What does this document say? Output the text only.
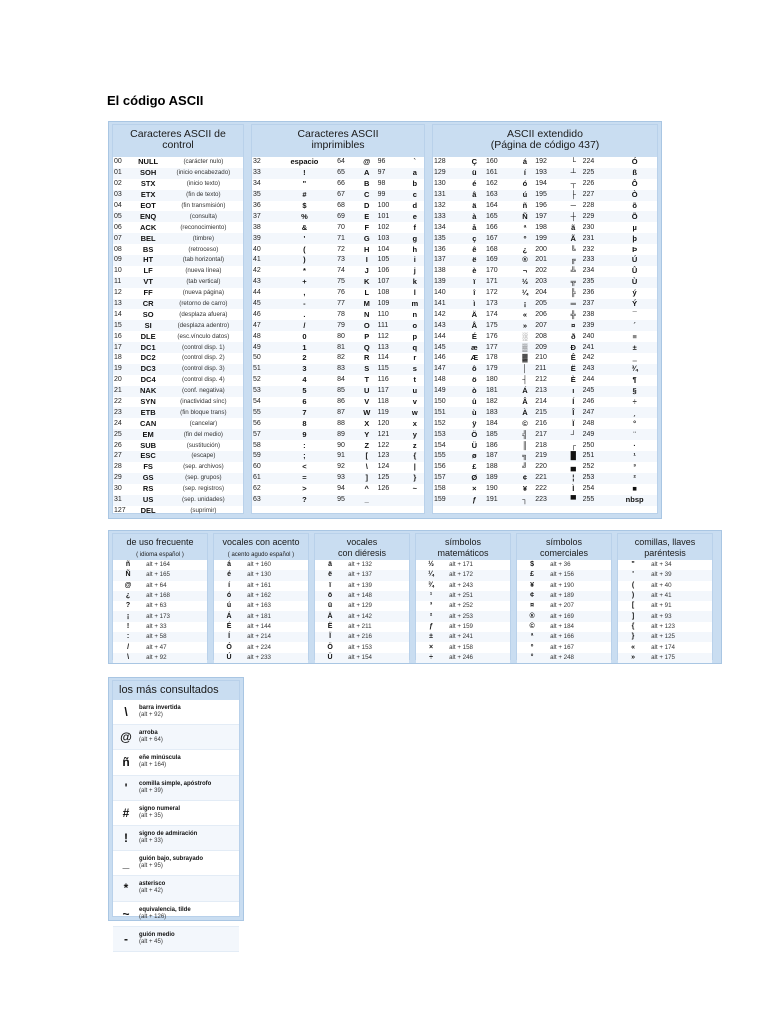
El código ASCII
Caracteres ASCII de
control
00	NULL	(carácter nulo)
01	SOH	(inicio encabezado)
02	STX	(inicio texto)
03	ETX	(fin de texto)
04	EOT	(fin transmisión)
05	ENQ	(consulta)
06	ACK	(reconocimiento)
07	BEL	(timbre)
08	BS	(retroceso)
09	HT	(tab horizontal)
10	LF	(nueva línea)
11	VT	(tab vertical)
12	FF	(nueva página)
13	CR	(retorno de carro)
14	SO	(desplaza afuera)
15	SI	(desplaza adentro)
16	DLE	(esc.vínculo datos)
17	DC1	(control disp. 1)
18	DC2	(control disp. 2)
19	DC3	(control disp. 3)
20	DC4	(control disp. 4)
21	NAK	(conf. negativa)
22	SYN	(inactividad sínc)
23	ETB	(fin bloque trans)
24	CAN	(cancelar)
25	EM	(fin del medio)
26	SUB	(sustitución)
27	ESC	(escape)
28	FS	(sep. archivos)
29	GS	(sep. grupos)
30	RS	(sep. registros)
31	US	(sep. unidades)
127	DEL	(suprimir)
Caracteres ASCII
imprimibles
32	espacio	64	@	96	`
33	!	65	A	97	a
34	"	66	B	98	b
35	#	67	C	99	c
36	$	68	D	100	d
37	%	69	E	101	e
38	&	70	F	102	f
39	'	71	G	103	g
40	(	72	H	104	h
41	)	73	I	105	i
42	*	74	J	106	j
43	+	75	K	107	k
44	,	76	L	108	l
45	-	77	M	109	m
46	.	78	N	110	n
47	/	79	O	111	o
48	0	80	P	112	p
49	1	81	Q	113	q
50	2	82	R	114	r
51	3	83	S	115	s
52	4	84	T	116	t
53	5	85	U	117	u
54	6	86	V	118	v
55	7	87	W	119	w
56	8	88	X	120	x
57	9	89	Y	121	y
58	:	90	Z	122	z
59	;	91	[	123	{
60	<	92	\	124	|
61	=	93	]	125	}
62	>	94	^	126	~
63	?	95	_		
ASCII extendido
(Página de código 437)
128	Ç	160	á	192	└	224	Ó
129	ü	161	í	193	┴	225	ß
130	é	162	ó	194	┬	226	Ô
131	â	163	ú	195	├	227	Ò
132	ä	164	ñ	196	─	228	õ
133	à	165	Ñ	197	┼	229	Õ
134	å	166	ª	198	ã	230	µ
135	ç	167	º	199	Ã	231	þ
136	ê	168	¿	200	╚	232	Þ
137	ë	169	®	201	╔	233	Ú
138	è	170	¬	202	╩	234	Û
139	ï	171	½	203	╦	235	Ù
140	î	172	¼	204	╠	236	ý
141	ì	173	¡	205	═	237	Ý
142	Ä	174	«	206	╬	238	¯
143	Å	175	»	207	¤	239	´
144	É	176	░	208	ð	240	≡
145	æ	177	▒	209	Ð	241	±
146	Æ	178	▓	210	Ê	242	‗
147	ô	179	│	211	Ë	243	¾
148	ö	180	┤	212	È	244	¶
149	ò	181	Á	213	ı	245	§
150	û	182	Â	214	Í	246	÷
151	ù	183	À	215	Î	247	¸
152	ÿ	184	©	216	Ï	248	°
153	Ö	185	╣	217	┘	249	¨
154	Ü	186	║	218	┌	250	·
155	ø	187	╗	219	█	251	¹
156	£	188	╝	220	▄	252	³
157	Ø	189	¢	221	¦	253	²
158	×	190	¥	222	Ì	254	■
159	ƒ	191	┐	223	▀	255	nbsp
de uso frecuente
( idioma español )
ñ	alt + 164
Ñ	alt + 165
@	alt + 64
¿	alt + 168
?	alt + 63
¡	alt + 173
!	alt + 33
:	alt + 58
/	alt + 47
\	alt + 92
vocales con acento
( acento agudo español )
á	alt + 160
é	alt + 130
í	alt + 161
ó	alt + 162
ú	alt + 163
Á	alt + 181
É	alt + 144
Í	alt + 214
Ó	alt + 224
Ú	alt + 233
vocales
con diéresis
ä	alt + 132
ë	alt + 137
ï	alt + 139
ö	alt + 148
ü	alt + 129
Ä	alt + 142
Ë	alt + 211
Ï	alt + 216
Ö	alt + 153
Ü	alt + 154
símbolos
matemáticos
½	alt + 171
¼	alt + 172
¾	alt + 243
¹	alt + 251
³	alt + 252
²	alt + 253
ƒ	alt + 159
±	alt + 241
×	alt + 158
÷	alt + 246
símbolos
comerciales
$	alt + 36
£	alt + 156
¥	alt + 190
¢	alt + 189
¤	alt + 207
®	alt + 169
©	alt + 184
ª	alt + 166
º	alt + 167
°	alt + 248
comillas, llaves
paréntesis
"	alt + 34
'	alt + 39
(	alt + 40
)	alt + 41
[	alt + 91
]	alt + 93
{	alt + 123
}	alt + 125
«	alt + 174
»	alt + 175
los más consultados
\	barra invertida
(alt + 92)
@	arroba
(alt + 64)
ñ	eñe minúscula
(alt + 164)
'	comilla simple, apóstrofo
(alt + 39)
#	signo numeral
(alt + 35)
!	signo de admiración
(alt + 33)
_	guión bajo, subrayado
(alt + 95)
*	asterisco
(alt + 42)
~	equivalencia, tilde
(alt + 126)
-	guión medio
(alt + 45)
